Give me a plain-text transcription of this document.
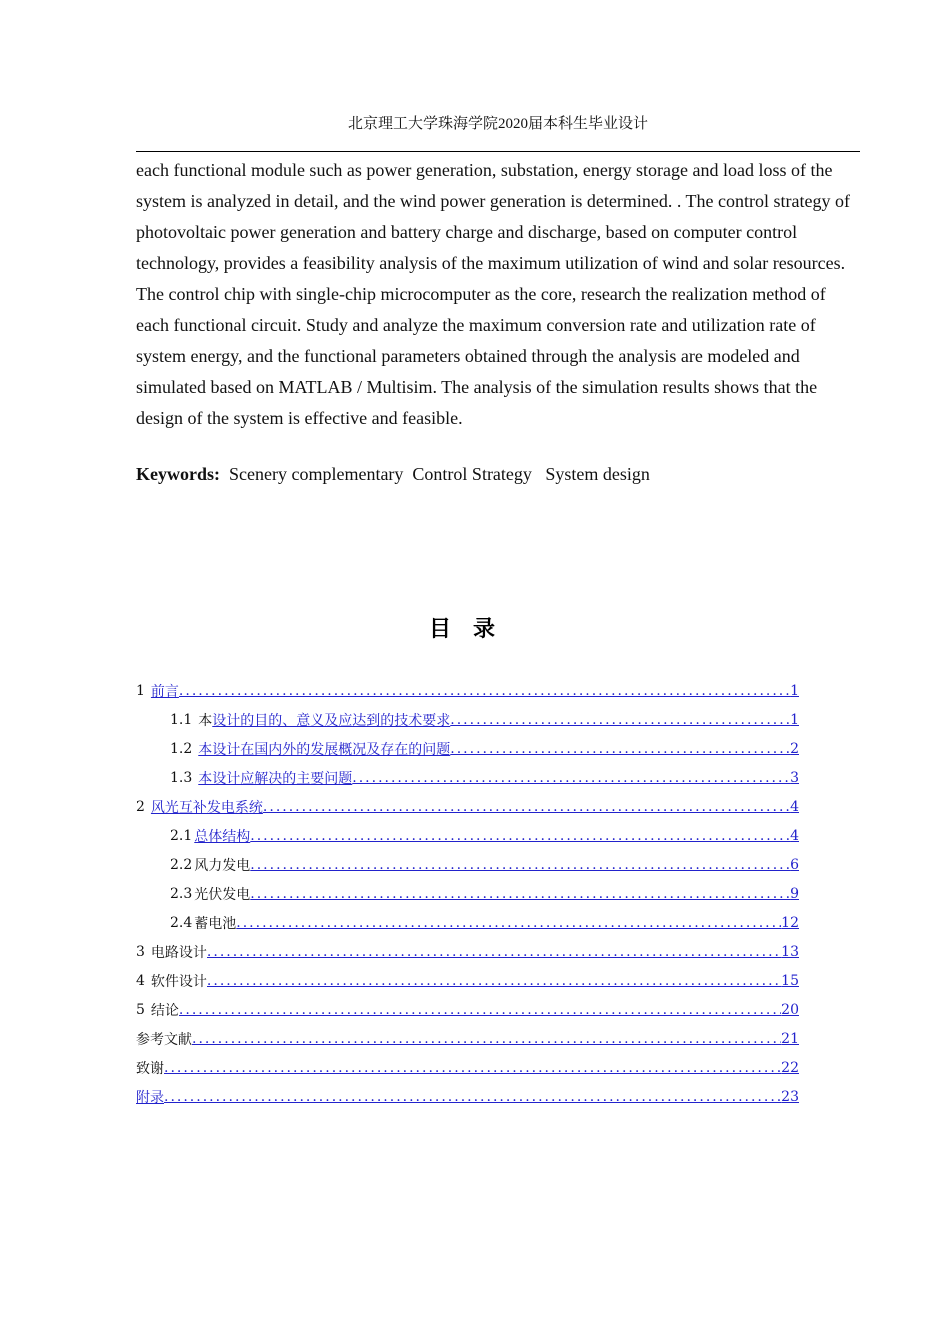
北京理工大学珠海学院2020届本科生毕业设计

each functional module such as power generation, substation, energy storage and load loss of the system is analyzed in detail, and the wind power generation is determined. . The control strategy of photovoltaic power generation and battery charge and discharge, based on computer control technology, provides a feasibility analysis of the maximum utilization of wind and solar resources. The control chip with single-chip microcomputer as the core, research the realization method of each functional circuit. Study and analyze the maximum conversion rate and utilization rate of system energy, and the functional parameters obtained through the analysis are modeled and simulated based on MATLAB / Multisim. The analysis of the simulation results shows that the design of the system is effective and feasible.

Keywords:  Scenery complementary  Control Strategy   System design
目录
1 前言 .....	1
1.1 本 设计的目的、意义及应达到的技术要求 .....	1
1.2 本设计在国内外的发展概况及存在的问题 .....	2
1.3 本设计应解决的主要问题 .....	3
2 风光互补发电系统 .....	4
2.1 总体结构 .....	4
2.2 风力发电 .....	6
2.3 光伏发电 .....	9
2.4 蓄电池 .....	12
3 电路设计 .....	13
4 软件设计 .....	15
5 结论 .....	20
参考文献 .....	21
致谢 .....	22
附录 .....	23
